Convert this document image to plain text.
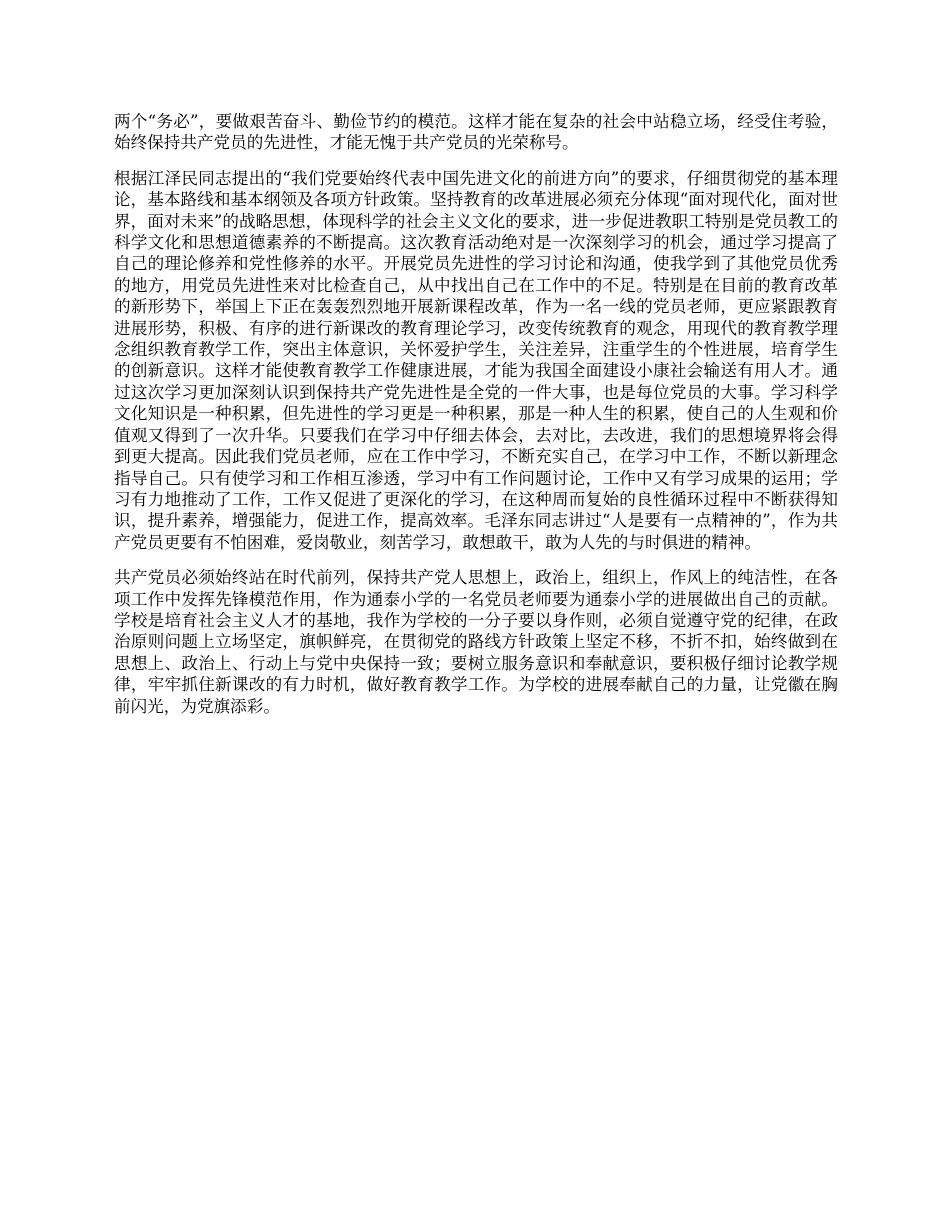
两个“务必”，要做艰苦奋斗、勤俭节约的模范。这样才能在复杂的社会中站稳立场，经受住考验，始终保持共产党员的先进性，才能无愧于共产党员的光荣称号。

根据江泽民同志提出的“我们党要始终代表中国先进文化的前进方向”的要求，仔细贯彻党的基本理论，基本路线和基本纲领及各项方针政策。坚持教育的改革进展必须充分体现“面对现代化，面对世界，面对未来”的战略思想，体现科学的社会主义文化的要求，进一步促进教职工特别是党员教工的科学文化和思想道德素养的不断提高。这次教育活动绝对是一次深刻学习的机会，通过学习提高了自己的理论修养和党性修养的水平。开展党员先进性的学习讨论和沟通，使我学到了其他党员优秀的地方，用党员先进性来对比检查自己，从中找出自己在工作中的不足。特别是在目前的教育改革的新形势下，举国上下正在轰轰烈烈地开展新课程改革，作为一名一线的党员老师，更应紧跟教育进展形势，积极、有序的进行新课改的教育理论学习，改变传统教育的观念，用现代的教育教学理念组织教育教学工作，突出主体意识，关怀爱护学生，关注差异，注重学生的个性进展，培育学生的创新意识。这样才能使教育教学工作健康进展，才能为我国全面建设小康社会输送有用人才。通过这次学习更加深刻认识到保持共产党先进性是全党的一件大事，也是每位党员的大事。学习科学文化知识是一种积累，但先进性的学习更是一种积累，那是一种人生的积累，使自己的人生观和价值观又得到了一次升华。只要我们在学习中仔细去体会，去对比，去改进，我们的思想境界将会得到更大提高。因此我们党员老师，应在工作中学习，不断充实自己，在学习中工作，不断以新理念指导自己。只有使学习和工作相互渗透，学习中有工作问题讨论，工作中又有学习成果的运用；学习有力地推动了工作，工作又促进了更深化的学习，在这种周而复始的良性循环过程中不断获得知识，提升素养，增强能力，促进工作，提高效率。毛泽东同志讲过“人是要有一点精神的”，作为共产党员更要有不怕困难，爱岗敬业，刻苦学习，敢想敢干，敢为人先的与时俱进的精神。

共产党员必须始终站在时代前列，保持共产党人思想上，政治上，组织上，作风上的纯洁性，在各项工作中发挥先锋模范作用，作为通泰小学的一名党员老师要为通泰小学的进展做出自己的贡献。学校是培育社会主义人才的基地，我作为学校的一分子要以身作则，必须自觉遵守党的纪律，在政治原则问题上立场坚定，旗帜鲜亮，在贯彻党的路线方针政策上坚定不移，不折不扣，始终做到在思想上、政治上、行动上与党中央保持一致；要树立服务意识和奉献意识，要积极仔细讨论教学规律，牢牢抓住新课改的有力时机，做好教育教学工作。为学校的进展奉献自己的力量，让党徽在胸前闪光，为党旗添彩。
